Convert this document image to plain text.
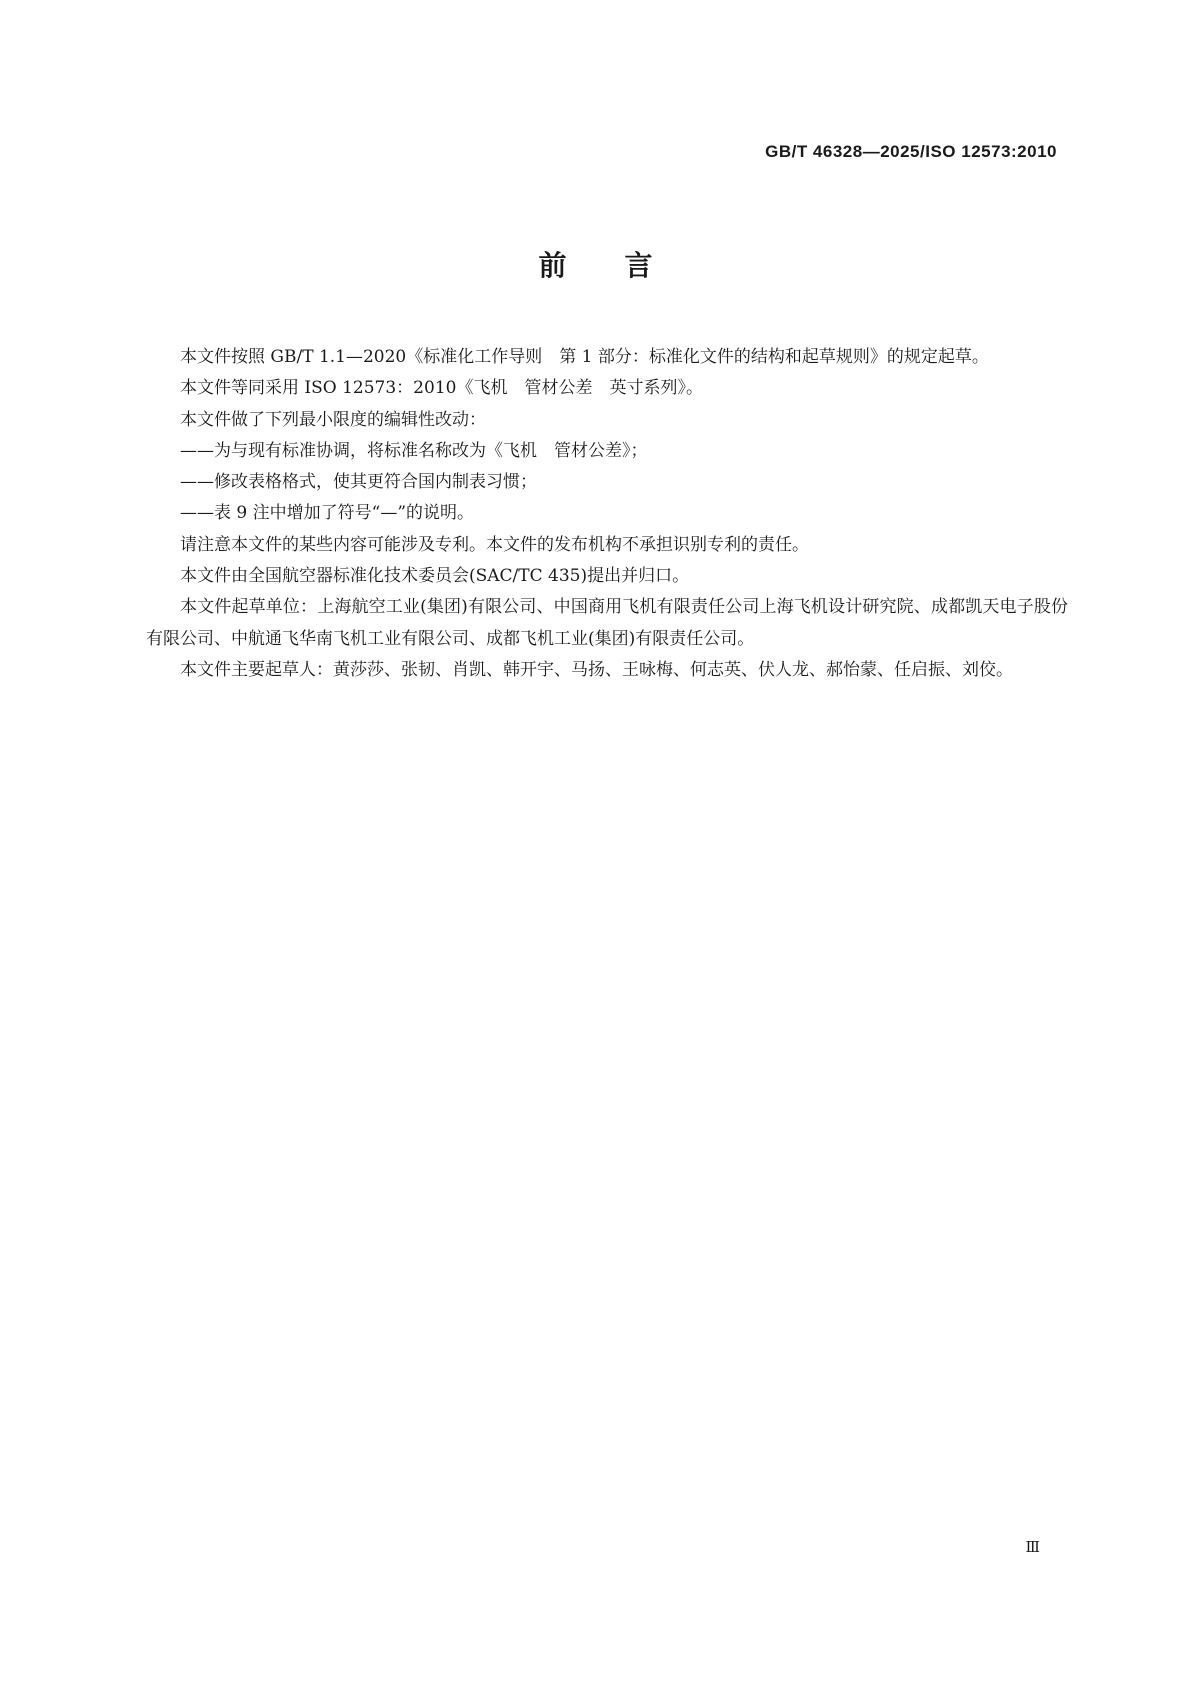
GB/T 46328—2025/ISO 12573:2010
前言

本文件按照 GB/T 1.1—2020《标准化工作导则　第 1 部分：标准化文件的结构和起草规则》的规定起草。

本文件等同采用 ISO 12573：2010《飞机　管材公差　英寸系列》。

本文件做了下列最小限度的编辑性改动：

——为与现有标准协调，将标准名称改为《飞机　管材公差》；

——修改表格格式，使其更符合国内制表习惯；

——表 9 注中增加了符号“—”的说明。

请注意本文件的某些内容可能涉及专利。本文件的发布机构不承担识别专利的责任。

本文件由全国航空器标准化技术委员会(SAC/TC 435)提出并归口。

本文件起草单位：上海航空工业(集团)有限公司、中国商用飞机有限责任公司上海飞机设计研究院、成都凯天电子股份有限公司、中航通飞华南飞机工业有限公司、成都飞机工业(集团)有限责任公司。

本文件主要起草人：黄莎莎、张韧、肖凯、韩开宇、马扬、王咏梅、何志英、伏人龙、郝怡蒙、任启振、刘佼。

Ⅲ
